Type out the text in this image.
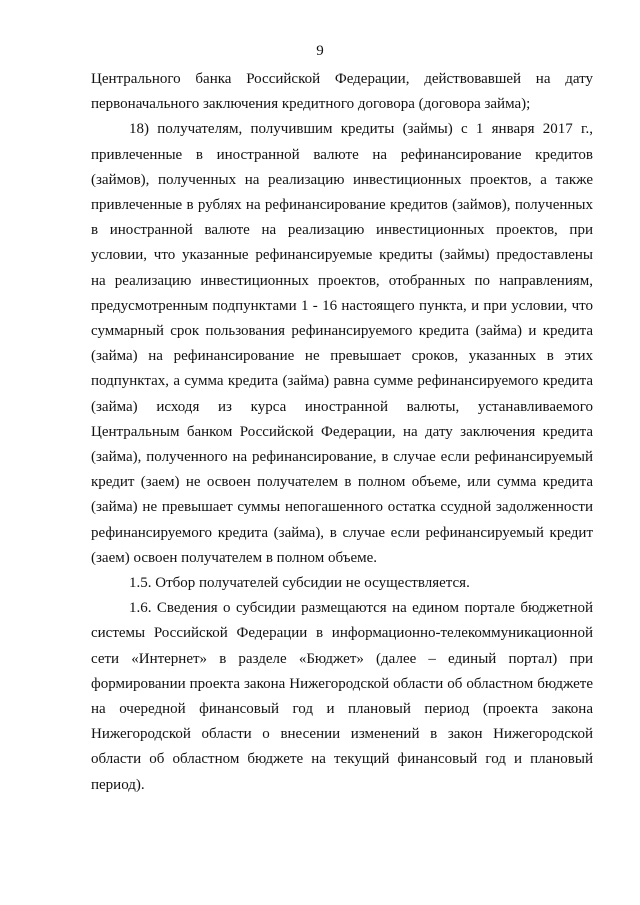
9

Центрального банка Российской Федерации, действовавшей на дату первоначального заключения кредитного договора (договора займа);

18) получателям, получившим кредиты (займы) с 1 января 2017 г., привлеченные в иностранной валюте на рефинансирование кредитов (займов), полученных на реализацию инвестиционных проектов, а также привлеченные в рублях на рефинансирование кредитов (займов), полученных в иностранной валюте на реализацию инвестиционных проектов, при условии, что указанные рефинансируемые кредиты (займы) предоставлены на реализацию инвестиционных проектов, отобранных по направлениям, предусмотренным подпунктами 1 - 16 настоящего пункта, и при условии, что суммарный срок пользования рефинансируемого кредита (займа) и кредита (займа) на рефинансирование не превышает сроков, указанных в этих подпунктах, а сумма кредита (займа) равна сумме рефинансируемого кредита (займа) исходя из курса иностранной валюты, устанавливаемого Центральным банком Российской Федерации, на дату заключения кредита (займа), полученного на рефинансирование, в случае если рефинансируемый кредит (заем) не освоен получателем в полном объеме, или сумма кредита (займа) не превышает суммы непогашенного остатка ссудной задолженности рефинансируемого кредита (займа), в случае если рефинансируемый кредит (заем) освоен получателем в полном объеме.

1.5. Отбор получателей субсидии не осуществляется.

1.6. Сведения о субсидии размещаются на едином портале бюджетной системы Российской Федерации в информационно-телекоммуникационной сети «Интернет» в разделе «Бюджет» (далее – единый портал) при формировании проекта закона Нижегородской области об областном бюджете на очередной финансовый год и плановый период (проекта закона Нижегородской области о внесении изменений в закон Нижегородской области об областном бюджете на текущий финансовый год и плановый период).
